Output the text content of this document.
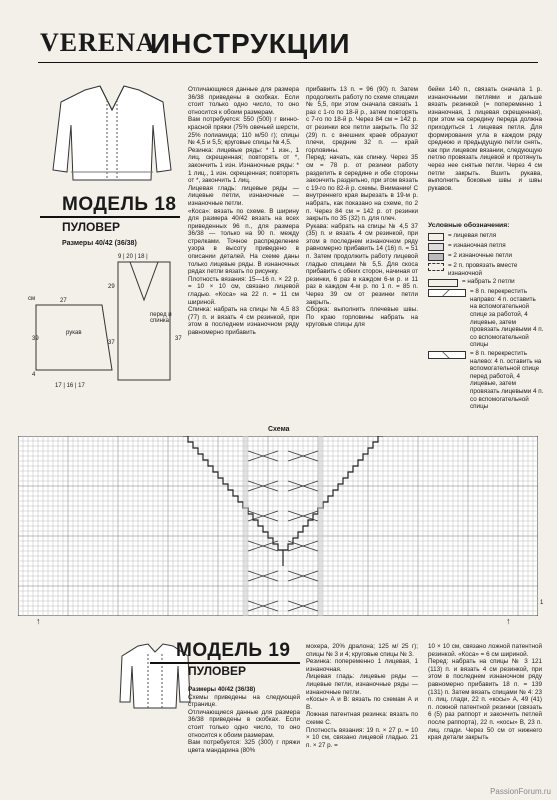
VERENA
ИНСТРУКЦИИ
МОДЕЛЬ 18
ПУЛОВЕР
Размеры 40/42 (36/38)
9 | 20 | 18 |
29
37
27
39	37
4
см
рукав
перед и спинка
17 | 16 | 17

Отличающиеся данные для размера 36/38 приведены в скобках. Если стоит только одно число, то оно относится к обоим размерам.

Вам потребуется: 550 (500) г винно-красной пряжи (75% овечьей шерсти, 25% полиамида; 110 м/50 г); спицы № 4,5 и 5,5; круговые спицы № 4,5.

Резинка: лицевые ряды: * 1 изн., 1 лиц. скрещенная; повторять от *, закончить 1 изн. Изнаночные ряды: * 1 лиц., 1 изн. скрещенная; повторять от *, закончить 1 лиц.

Лицевая гладь: лицевые ряды — лицевые петли, изнаночные — изнаночные петли.

«Коса»: вязать по схеме. В ширину для размера 40/42 вязать на всех приведенных 96 п., для размера 36/38 — только на 90 п. между стрелками. Точное распределение узора в высоту приведено в описании деталей. На схеме даны только лицевые ряды. В изнаночных рядах петли вязать по рисунку.

Плотность вязания: 15—16 п. × 22 р. = 10 × 10 см, связано лицевой гладью. «Коса» на 22 п. = 11 см шириной.

Спинка: набрать на спицы № 4,5 83 (77) п. и вязать 4 см резинкой, при этом в последнем изнаночном ряду равномерно прибавить

прибавить 13 п. = 96 (90) п. Затем продолжить работу по схеме спицами № 5,5, при этом сначала связать 1 раз с 1-го по 18-й р., затем повторять с 7-го по 18-й р. Через 84 см = 142 р. от резинки все петли закрыть. По 32 (29) п. с внешних краев образуют плечи, средние 32 п. — край горловины.

Перед: начать, как спинку. Через 35 см = 78 р. от резинки работу разделить в середине и обе стороны закончить раздельно, при этом вязать с 19-го по 82-й р. схемы. Внимание! С внутреннего края вырезать в 19-м р. набрать, как показано на схеме, по 2 п. Через 84 см = 142 р. от резинки закрыть по 35 (32) п. для плеч.

Рукава: набрать на спицы № 4,5 37 (35) п. и вязать 4 см резинкой, при этом в последнем изнаночном ряду равномерно прибавить 14 (16) п. = 51 п. Затем продолжить работу лицевой гладью спицами № 5,5. Для скоса прибавить с обеих сторон, начиная от резинки, 6 раз в каждом 6-м р. и 11 раз в каждом 4-м р. по 1 п. = 85 п. Через 39 см от резинки петли закрыть.

Сборка: выполнить плечевые швы. По краю горловины набрать на круговые спицы для

бейки 140 п., связать сначала 1 р. изнаночными петлями и дальше вязать резинкой (= попеременно 1 изнаночная, 1 лицевая скрещенная), при этом на середину переда должна приходиться 1 лицевая петля. Для формирования угла в каждом ряду среднюю и предыдущую петли снять, как при лицевом вязании, следующую петлю провязать лицевой и протянуть через нее снятые петли. Через 4 см петли закрыть. Вшить рукава, выполнить боковые швы и швы рукавов.

Условные обозначения:
= лицевая петля
= изнаночная петля
= 2 изнаночные петли
= 2 п. провязать вместе изнаночной
= набрать 2 петли
= 8 п. перекрестить направо: 4 п. оставить на вспомогательной спице за работой, 4 лицевые, затем провязать лицевыми 4 п. со вспомогательной спицы
= 8 п. перекрестить налево: 4 п. оставить на вспомогательной спице перед работой, 4 лицевые, затем провязать лицевыми 4 п. со вспомогательной спицы
Схема
1
↑	↑
МОДЕЛЬ 19
ПУЛОВЕР

Размеры 40/42 (36/38)

Схемы приведены на следующей странице.

Отличающиеся данные для размера 36/38 приведены в скобках. Если стоит только одно число, то оно относится к обоим размерам.

Вам потребуется: 325 (300) г пряжи цвета мандарина (80%

мохера, 20% дралона; 125 м/ 25 г); спицы № 3 и 4; круговые спицы № 3.

Резинка: попеременно 1 лицевая, 1 изнаночная.

Лицевая гладь: лицевые ряды — лицевые петли, изнаночные ряды — изнаночные петли.

«Косы» А и В: вязать по схемам А и В.

Ложная патентная резинка: вязать по схеме С.

Плотность вязания: 19 п. × 27 р. = 10 × 10 см, связано лицевой гладью. 21 п. × 27 р. =

10 × 10 см, связано ложной патентной резинкой. «Коса» = 6 см шириной.

Перед: набрать на спицы № 3 121 (113) п. и вязать 4 см резинкой, при этом в последнем изнаночном ряду равномерно прибавить 18 п. = 139 (131) п. Затем вязать спицами № 4: 23 п. лиц. глади, 22 п. «косы» А, 49 (41) п. ложной патентной резинки (связать 6 (5) раз раппорт и закончить петлей после раппорта), 22 п. «косы» В, 23 п. лиц. глади. Через 50 см от нижнего края детали закрыть

PassionForum.ru
